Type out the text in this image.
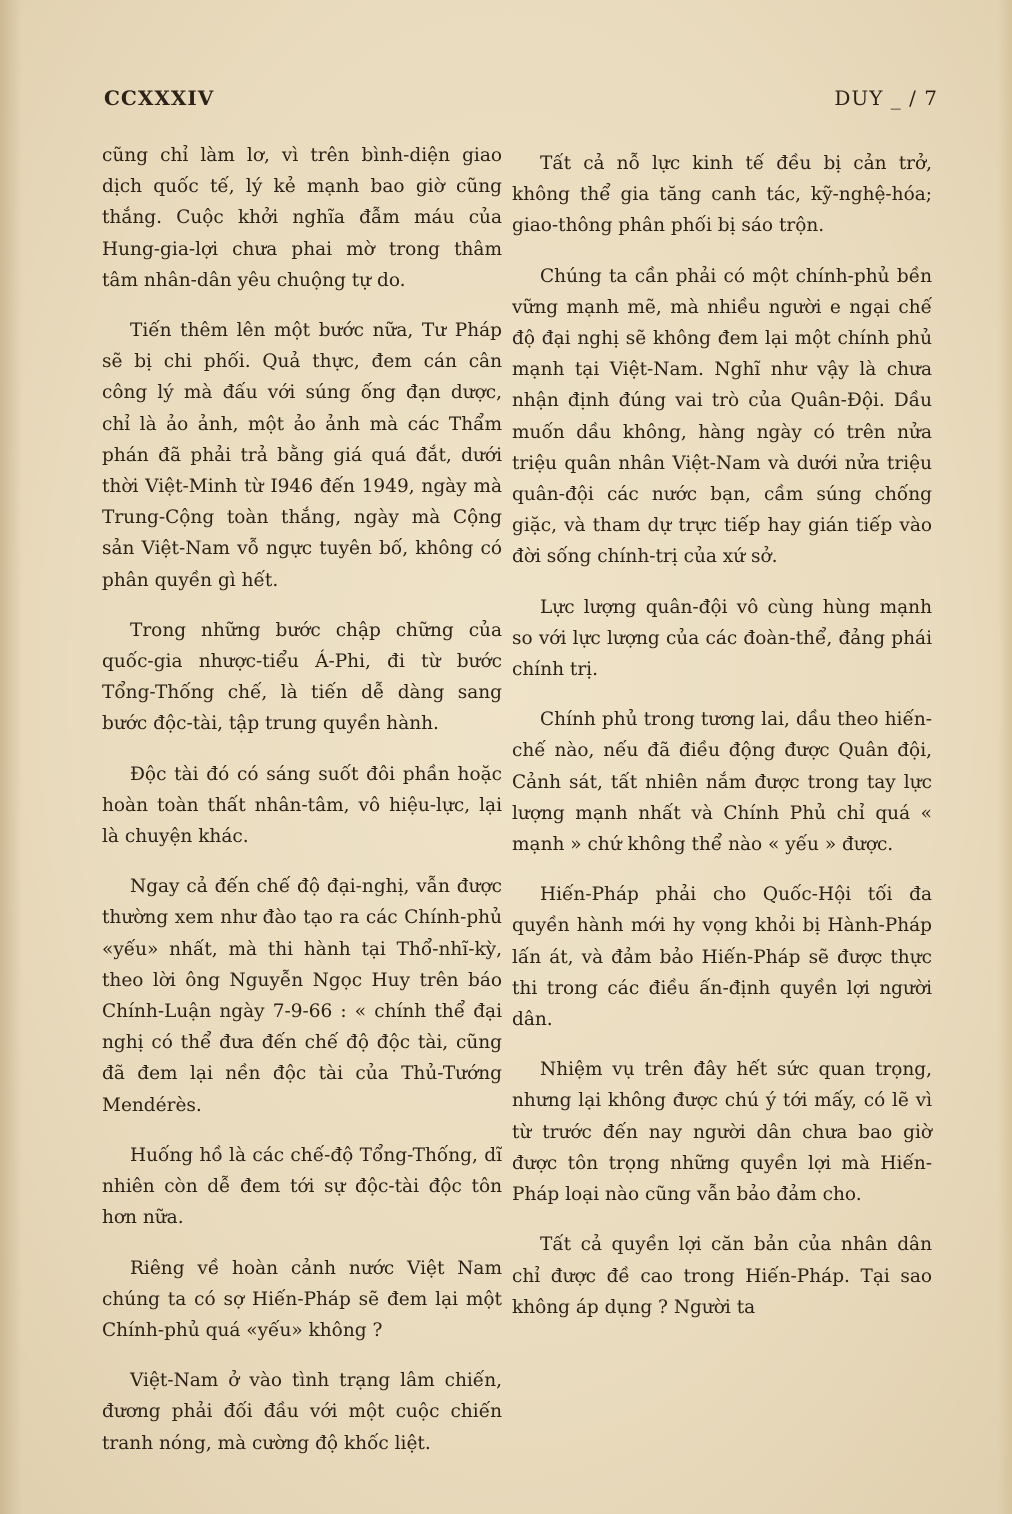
CCXXXIV	DUY _ / 7

cũng chỉ làm lơ, vì trên bình-diện giao dịch quốc tế, lý kẻ mạnh bao giờ cũng thắng. Cuộc khởi nghĩa đẫm máu của Hung-gia-lợi chưa phai mờ trong thâm tâm nhân-dân yêu chuộng tự do.

Tiến thêm lên một bước nữa, Tư Pháp sẽ bị chi phối. Quả thực, đem cán cân công lý mà đấu với súng ống đạn dược, chỉ là ảo ảnh, một ảo ảnh mà các Thẩm phán đã phải trả bằng giá quá đắt, dưới thời Việt-Minh từ I946 đến 1949, ngày mà Trung-Cộng toàn thắng, ngày mà Cộng sản Việt-Nam vỗ ngực tuyên bố, không có phân quyền gì hết.

Trong những bước chập chững của quốc-gia nhược-tiểu Á-Phi, đi từ bước Tổng-Thống chế, là tiến dễ dàng sang bước độc-tài, tập trung quyền hành.

Độc tài đó có sáng suốt đôi phần hoặc hoàn toàn thất nhân-tâm, vô hiệu-lực, lại là chuyện khác.

Ngay cả đến chế độ đại-nghị, vẫn được thường xem như đào tạo ra các Chính-phủ «yếu» nhất, mà thi hành tại Thổ-nhĩ-kỳ, theo lời ông Nguyễn Ngọc Huy trên báo Chính-Luận ngày 7-9-66 : « chính thể đại nghị có thể đưa đến chế độ độc tài, cũng đã đem lại nền độc tài của Thủ-Tướng Mendérès.

Huống hồ là các chế-độ Tổng-Thống, dĩ nhiên còn dễ đem tới sự độc-tài độc tôn hơn nữa.

Riêng về hoàn cảnh nước Việt Nam chúng ta có sợ Hiến-Pháp sẽ đem lại một Chính-phủ quá «yếu» không ?

Việt-Nam ở vào tình trạng lâm chiến, đương phải đối đầu với một cuộc chiến tranh nóng, mà cường độ khốc liệt.

Tất cả nỗ lực kinh tế đều bị cản trở, không thể gia tăng canh tác, kỹ-nghệ-hóa; giao-thông phân phối bị sáo trộn.

Chúng ta cần phải có một chính-phủ bền vững mạnh mẽ, mà nhiều người e ngại chế độ đại nghị sẽ không đem lại một chính phủ mạnh tại Việt-Nam. Nghĩ như vậy là chưa nhận định đúng vai trò của Quân-Đội. Dầu muốn dầu không, hàng ngày có trên nửa triệu quân nhân Việt-Nam và dưới nửa triệu quân-đội các nước bạn, cầm súng chống giặc, và tham dự trực tiếp hay gián tiếp vào đời sống chính-trị của xứ sở.

Lực lượng quân-đội vô cùng hùng mạnh so với lực lượng của các đoàn-thể, đảng phái chính trị.

Chính phủ trong tương lai, dầu theo hiến-chế nào, nếu đã điều động được Quân đội, Cảnh sát, tất nhiên nắm được trong tay lực lượng mạnh nhất và Chính Phủ chỉ quá « mạnh » chứ không thể nào « yếu » được.

Hiến-Pháp phải cho Quốc-Hội tối đa quyền hành mới hy vọng khỏi bị Hành-Pháp lấn át, và đảm bảo Hiến-Pháp sẽ được thực thi trong các điều ấn-định quyền lợi người dân.

Nhiệm vụ trên đây hết sức quan trọng, nhưng lại không được chú ý tới mấy, có lẽ vì từ trước đến nay người dân chưa bao giờ được tôn trọng những quyền lợi mà Hiến-Pháp loại nào cũng vẫn bảo đảm cho.

Tất cả quyền lợi căn bản của nhân dân chỉ được đề cao trong Hiến-Pháp. Tại sao không áp dụng ? Người ta
